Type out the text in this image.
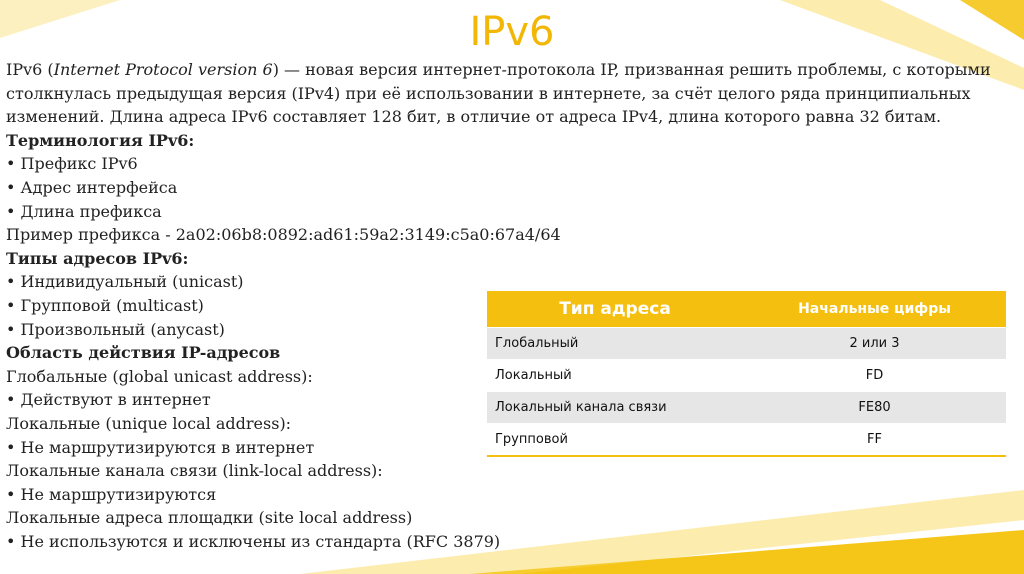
IPv6
IPv6 (Internet Protocol version 6) — новая версия интернет-протокола IP, призванная решить проблемы, с которыми столкнулась предыдущая версия (IPv4) при её использовании в интернете, за счёт целого ряда принципиальных изменений. Длина адреса IPv6 составляет 128 бит, в отличие от адреса IPv4, длина которого равна 32 битам.
Терминология IPv6:
• Префикс IPv6
• Адрес интерфейса
• Длина префикса
Пример префикса - 2a02:06b8:0892:ad61:59a2:3149:c5a0:67a4/64
Типы адресов IPv6:
• Индивидуальный (unicast)
• Групповой (multicast)
• Произвольный (anycast)
Область действия IP-адресов
Глобальные (global unicast address):
• Действуют в интернет
Локальные (unique local address):
• Не маршрутизируются в интернет
Локальные канала связи (link-local address):
• Не маршрутизируются
Локальные адреса площадки (site local address)
• Не используются и исключены из стандарта (RFC 3879)
Тип адреса	Начальные цифры
Глобальный	2 или 3
Локальный	FD
Локальный канала связи	FE80
Групповой	FF
